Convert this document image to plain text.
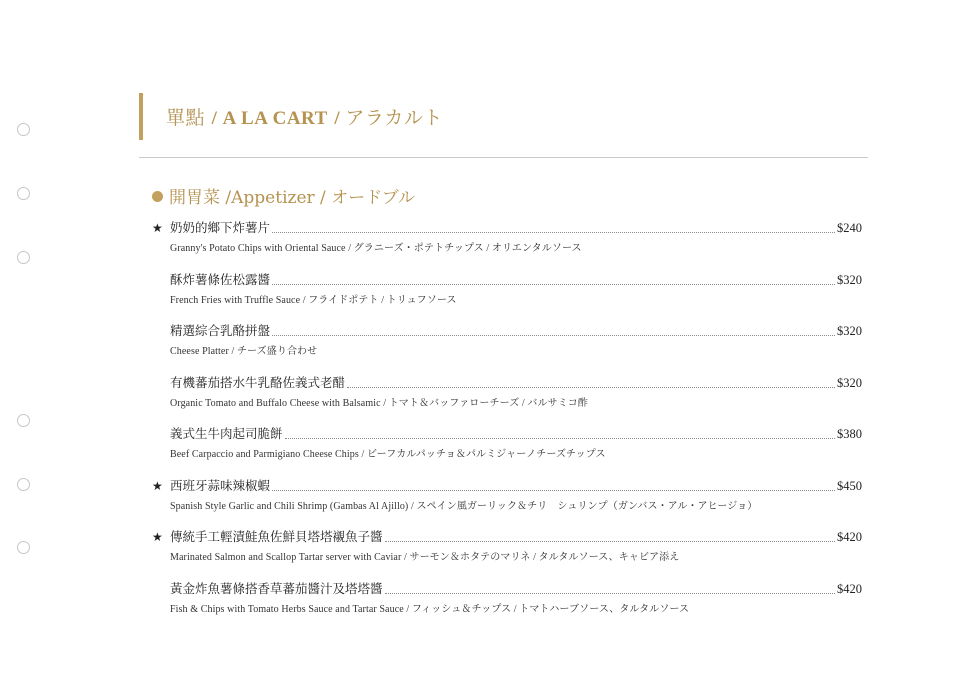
單點 / A LA CART / アラカルト
開胃菜 /Appetizer / オードブル
★ 奶奶的鄉下炸薯片	$240
Granny's Potato Chips with Oriental Sauce / グラニーズ・ポテトチップス / オリエンタルソース
酥炸薯條佐松露醬	$320
French Fries with Truffle Sauce / フライドポテト / トリュフソース
精選綜合乳酪拼盤	$320
Cheese Platter / チーズ盛り合わせ
有機蕃茄搭水牛乳酪佐義式老醋	$320
Organic Tomato and Buffalo Cheese with Balsamic / トマト＆バッファローチーズ / バルサミコ酢
義式生牛肉起司脆餅	$380
Beef Carpaccio and Parmigiano Cheese Chips / ビーフカルパッチョ＆パルミジャーノチーズチップス
★ 西班牙蒜味辣椒蝦	$450
Spanish Style Garlic and Chili Shrimp (Gambas Al Ajillo) / スペイン風ガーリック＆チリ　シュリンプ（ガンバス・アル・アヒージョ）
★ 傳統手工輕漬鮭魚佐鮮貝塔塔襯魚子醬	$420
Marinated Salmon and Scallop Tartar server with Caviar / サーモン＆ホタテのマリネ / タルタルソース、キャビア添え
黃金炸魚薯條搭香草蕃茄醬汁及塔塔醬	$420
Fish & Chips with Tomato Herbs Sauce and Tartar Sauce / フィッシュ＆チップス / トマトハーブソース、タルタルソース
